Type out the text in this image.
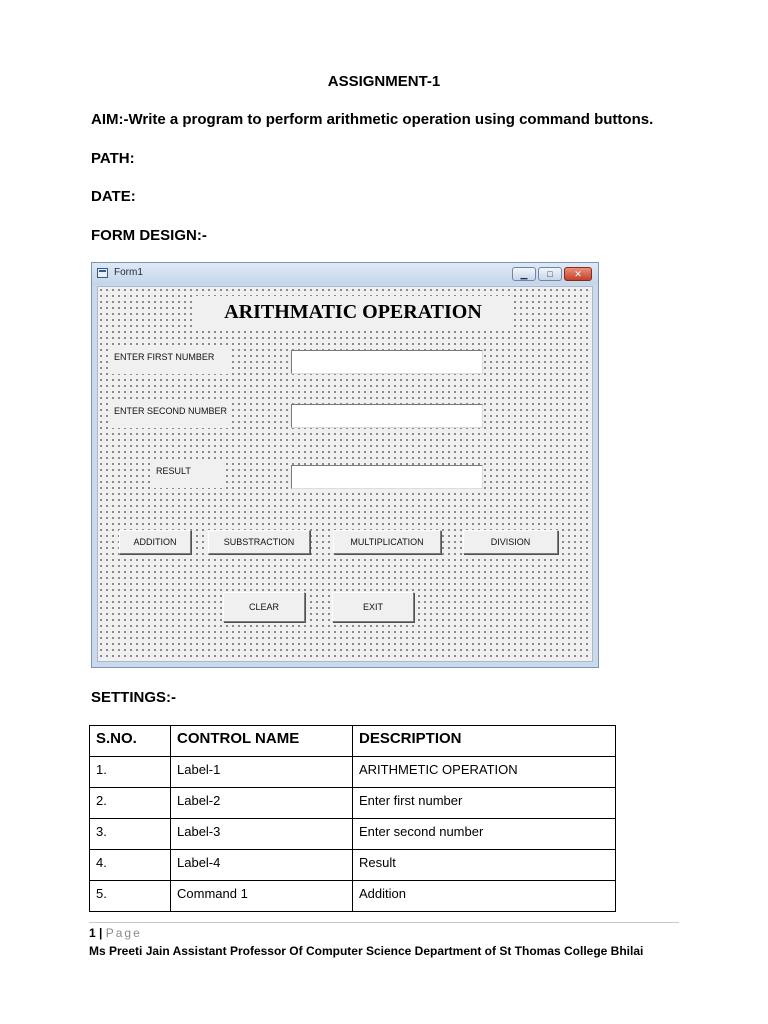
ASSIGNMENT-1
AIM:-Write a program to perform arithmetic operation using command buttons.
PATH:
DATE:
FORM DESIGN:-
Form1	▁	□	✕
ARITHMATIC OPERATION
ENTER FIRST NUMBER
ENTER SECOND NUMBER
RESULT
ADDITION	SUBSTRACTION	MULTIPLICATION	DIVISION
CLEAR	EXIT
SETTINGS:-
S.NO.	CONTROL NAME	DESCRIPTION
1.	Label-1	ARITHMETIC OPERATION
2.	Label-2	Enter first number
3.	Label-3	Enter second number
4.	Label-4	Result
5.	Command 1	Addition
1 | Page
Ms Preeti Jain Assistant Professor Of Computer Science Department of St Thomas College Bhilai
